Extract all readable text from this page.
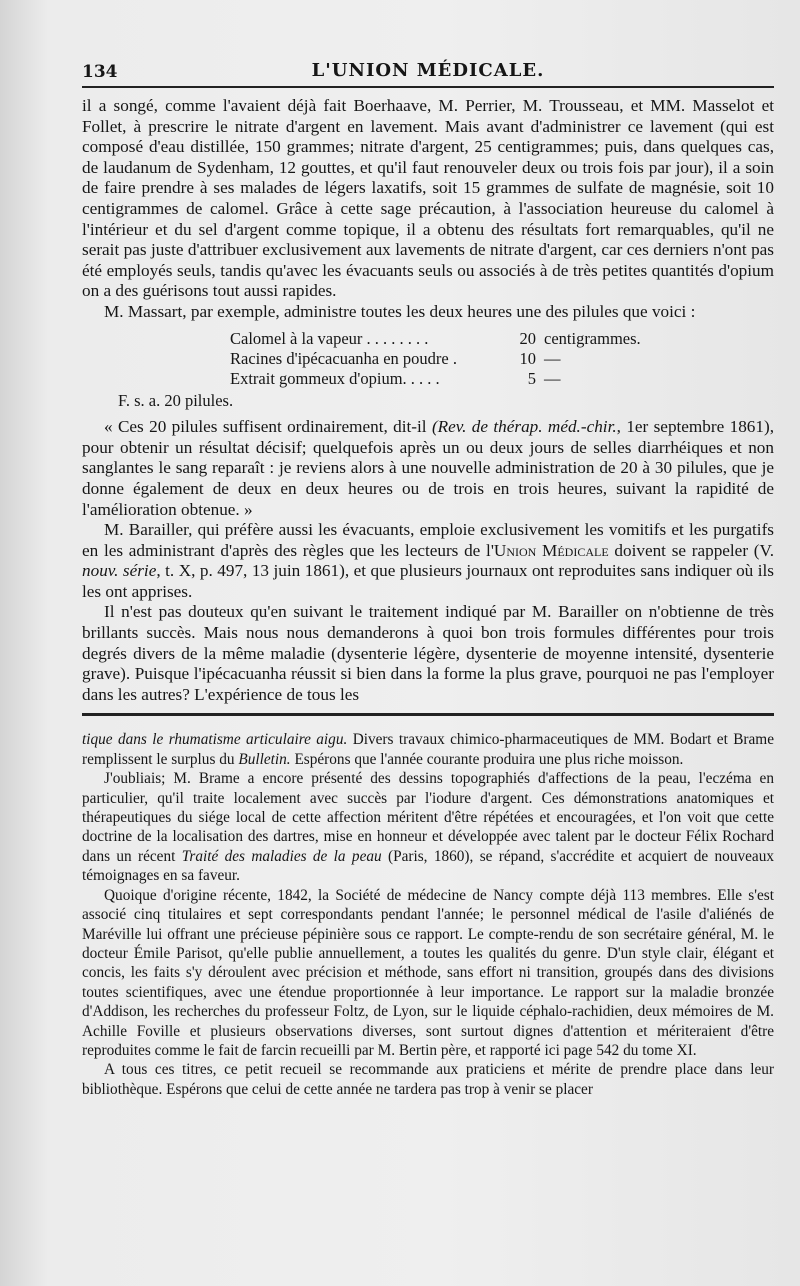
134	L'UNION MÉDICALE.

il a songé, comme l'avaient déjà fait Boerhaave, M. Perrier, M. Trousseau, et MM. Masselot et Follet, à prescrire le nitrate d'argent en lavement. Mais avant d'administrer ce lavement (qui est composé d'eau distillée, 150 grammes; nitrate d'argent, 25 centigrammes; puis, dans quelques cas, de laudanum de Sydenham, 12 gouttes, et qu'il faut renouveler deux ou trois fois par jour), il a soin de faire prendre à ses malades de légers laxatifs, soit 15 grammes de sulfate de magnésie, soit 10 centigrammes de calomel. Grâce à cette sage précaution, à l'association heureuse du calomel à l'intérieur et du sel d'argent comme topique, il a obtenu des résultats fort remarquables, qu'il ne serait pas juste d'attribuer exclusivement aux lavements de nitrate d'argent, car ces derniers n'ont pas été employés seuls, tandis qu'avec les évacuants seuls ou associés à de très petites quantités d'opium on a des guérisons tout aussi rapides.

M. Massart, par exemple, administre toutes les deux heures une des pilules que voici :

Calomel à la vapeur . . . . . . . .	20 centigrammes.
Racines d'ipécacuanha en poudre .	10 —
Extrait gommeux d'opium. . . . .	5 —
F. s. a. 20 pilules.

« Ces 20 pilules suffisent ordinairement, dit-il (Rev. de thérap. méd.-chir., 1er septembre 1861), pour obtenir un résultat décisif; quelquefois après un ou deux jours de selles diarrhéiques et non sanglantes le sang reparaît : je reviens alors à une nouvelle administration de 20 à 30 pilules, que je donne également de deux en deux heures ou de trois en trois heures, suivant la rapidité de l'amélioration obtenue. »

M. Barailler, qui préfère aussi les évacuants, emploie exclusivement les vomitifs et les purgatifs en les administrant d'après des règles que les lecteurs de l'Union Médicale doivent se rappeler (V. nouv. série, t. X, p. 497, 13 juin 1861), et que plusieurs journaux ont reproduites sans indiquer où ils les ont apprises.

Il n'est pas douteux qu'en suivant le traitement indiqué par M. Barailler on n'obtienne de très brillants succès. Mais nous nous demanderons à quoi bon trois formules différentes pour trois degrés divers de la même maladie (dysenterie légère, dysenterie de moyenne intensité, dysenterie grave). Puisque l'ipécacuanha réussit si bien dans la forme la plus grave, pourquoi ne pas l'employer dans les autres? L'expérience de tous les

tique dans le rhumatisme articulaire aigu. Divers travaux chimico-pharmaceutiques de MM. Bodart et Brame remplissent le surplus du Bulletin. Espérons que l'année courante produira une plus riche moisson.

J'oubliais; M. Brame a encore présenté des dessins topographiés d'affections de la peau, l'eczéma en particulier, qu'il traite localement avec succès par l'iodure d'argent. Ces démonstrations anatomiques et thérapeutiques du siége local de cette affection méritent d'être répétées et encouragées, et l'on voit que cette doctrine de la localisation des dartres, mise en honneur et développée avec talent par le docteur Félix Rochard dans un récent Traité des maladies de la peau (Paris, 1860), se répand, s'accrédite et acquiert de nouveaux témoignages en sa faveur.

Quoique d'origine récente, 1842, la Société de médecine de Nancy compte déjà 113 membres. Elle s'est associé cinq titulaires et sept correspondants pendant l'année; le personnel médical de l'asile d'aliénés de Maréville lui offrant une précieuse pépinière sous ce rapport. Le compte-rendu de son secrétaire général, M. le docteur Émile Parisot, qu'elle publie annuellement, a toutes les qualités du genre. D'un style clair, élégant et concis, les faits s'y déroulent avec précision et méthode, sans effort ni transition, groupés dans des divisions toutes scientifiques, avec une étendue proportionnée à leur importance. Le rapport sur la maladie bronzée d'Addison, les recherches du professeur Foltz, de Lyon, sur le liquide céphalo-rachidien, deux mémoires de M. Achille Foville et plusieurs observations diverses, sont surtout dignes d'attention et mériteraient d'être reproduites comme le fait de farcin recueilli par M. Bertin père, et rapporté ici page 542 du tome XI.

A tous ces titres, ce petit recueil se recommande aux praticiens et mérite de prendre place dans leur bibliothèque. Espérons que celui de cette année ne tardera pas trop à venir se placer
